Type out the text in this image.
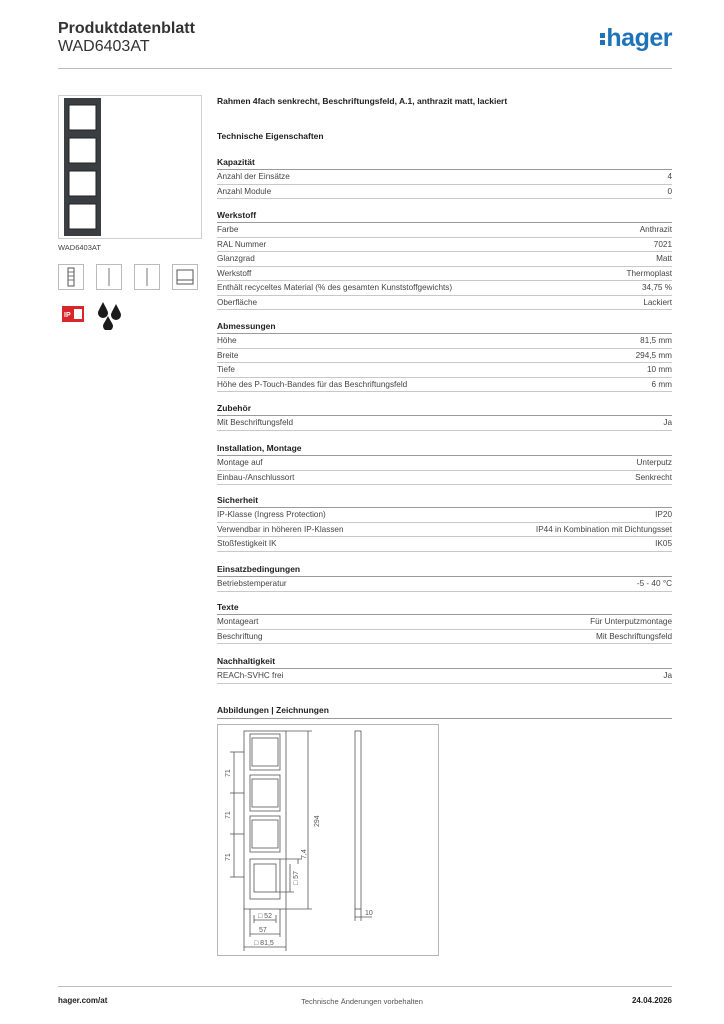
Produktdatenblatt
WAD6403AT	hager
WAD6403AT
IP
Rahmen 4fach senkrecht, Beschriftungsfeld, A.1, anthrazit matt, lackiert
Technische Eigenschaften
Kapazität
Anzahl der Einsätze	4
Anzahl Module	0
Werkstoff
Farbe	Anthrazit
RAL Nummer	7021
Glanzgrad	Matt
Werkstoff	Thermoplast
Enthält recyceltes Material (% des gesamten Kunststoffgewichts)	34,75 %
Oberfläche	Lackiert
Abmessungen
Höhe	81,5 mm
Breite	294,5 mm
Tiefe	10 mm
Höhe des P-Touch-Bandes für das Beschriftungsfeld	6 mm
Zubehör
Mit Beschriftungsfeld	Ja
Installation, Montage
Montage auf	Unterputz
Einbau-/Anschlussort	Senkrecht
Sicherheit
IP-Klasse (Ingress Protection)	IP20
Verwendbar in höheren IP-Klassen	IP44 in Kombination mit Dichtungsset
Stoßfestigkeit IK	IK05
Einsatzbedingungen
Betriebstemperatur	-5 - 40 °C
Texte
Montageart	Für Unterputzmontage
Beschriftung	Mit Beschriftungsfeld
Nachhaltigkeit
REACh-SVHC frei	Ja
Abbildungen | Zeichnungen
71
71
71
294
7,4
□ 57
□ 52
57
□ 81,5
10
hager.com/at	Technische Änderungen vorbehalten	24.04.2026
